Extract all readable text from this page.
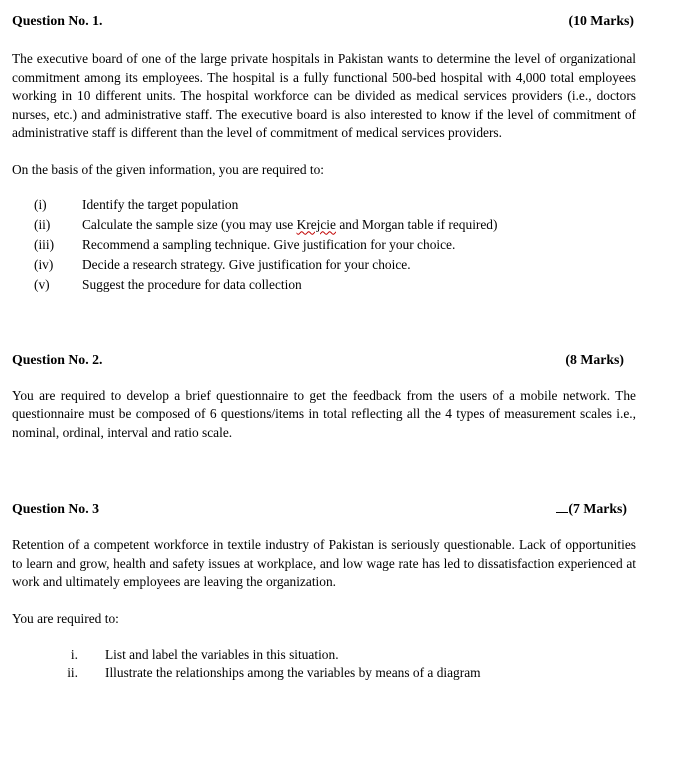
Question No. 1.	(10 Marks)

The executive board of one of the large private hospitals in Pakistan wants to determine the level of organizational commitment among its employees. The hospital is a fully functional 500-bed hospital with 4,000 total employees working in 10 different units. The hospital workforce can be divided as medical services providers (i.e., doctors nurses, etc.) and administrative staff. The executive board is also interested to know if the level of commitment of administrative staff is different than the level of commitment of medical services providers.

On the basis of the given information, you are required to:

(i)	Identify the target population
(ii)	Calculate the sample size (you may use Krejcie and Morgan table if required)
(iii)	Recommend a sampling technique. Give justification for your choice.
(iv)	Decide a research strategy. Give justification for your choice.
(v)	Suggest the procedure for data collection
Question No. 2.	(8 Marks)

You are required to develop a brief questionnaire to get the feedback from the users of a mobile network. The questionnaire must be composed of 6 questions/items in total reflecting all the 4 types of measurement scales i.e., nominal, ordinal, interval and ratio scale.

Question No. 3	(7 Marks)

Retention of a competent workforce in textile industry of Pakistan is seriously questionable. Lack of opportunities to learn and grow, health and safety issues at workplace, and low wage rate has led to dissatisfaction experienced at work and ultimately employees are leaving the organization.

You are required to:

i.	List and label the variables in this situation.
ii.	Illustrate the relationships among the variables by means of a diagram
